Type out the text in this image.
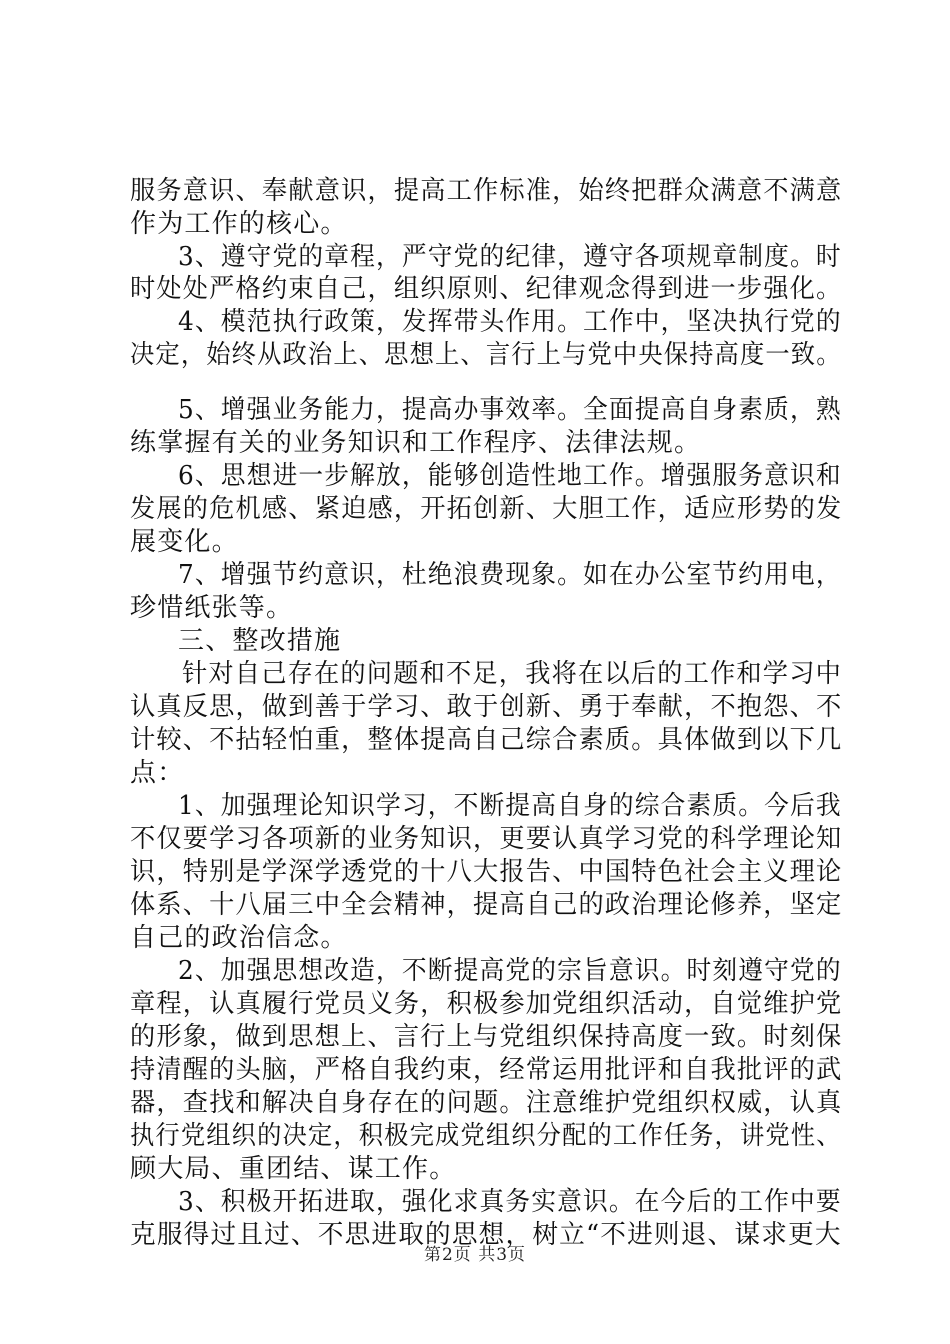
服务意识、奉献意识，提高工作标准，始终把群众满意不满意

作为工作的核心。

3、遵守党的章程，严守党的纪律，遵守各项规章制度。时

时处处严格约束自己，组织原则、纪律观念得到进一步强化。

4、模范执行政策，发挥带头作用。工作中，坚决执行党的

决定，始终从政治上、思想上、言行上与党中央保持高度一致。

5、增强业务能力，提高办事效率。全面提高自身素质，熟

练掌握有关的业务知识和工作程序、法律法规。

6、思想进一步解放，能够创造性地工作。增强服务意识和

发展的危机感、紧迫感，开拓创新、大胆工作，适应形势的发

展变化。

7、增强节约意识，杜绝浪费现象。如在办公室节约用电，

珍惜纸张等。

三、整改措施

针对自己存在的问题和不足，我将在以后的工作和学习中

认真反思，做到善于学习、敢于创新、勇于奉献，不抱怨、不

计较、不拈轻怕重，整体提高自己综合素质。具体做到以下几

点：

1、加强理论知识学习，不断提高自身的综合素质。今后我

不仅要学习各项新的业务知识，更要认真学习党的科学理论知

识，特别是学深学透党的十八大报告、中国特色社会主义理论

体系、十八届三中全会精神，提高自己的政治理论修养，坚定

自己的政治信念。

2、加强思想改造，不断提高党的宗旨意识。时刻遵守党的

章程，认真履行党员义务，积极参加党组织活动，自觉维护党

的形象，做到思想上、言行上与党组织保持高度一致。时刻保

持清醒的头脑，严格自我约束，经常运用批评和自我批评的武

器，查找和解决自身存在的问题。注意维护党组织权威，认真

执行党组织的决定，积极完成党组织分配的工作任务，讲党性、

顾大局、重团结、谋工作。

3、积极开拓进取，强化求真务实意识。在今后的工作中要

克服得过且过、不思进取的思想，树立“不进则退、谋求更大

第2页 共3页
